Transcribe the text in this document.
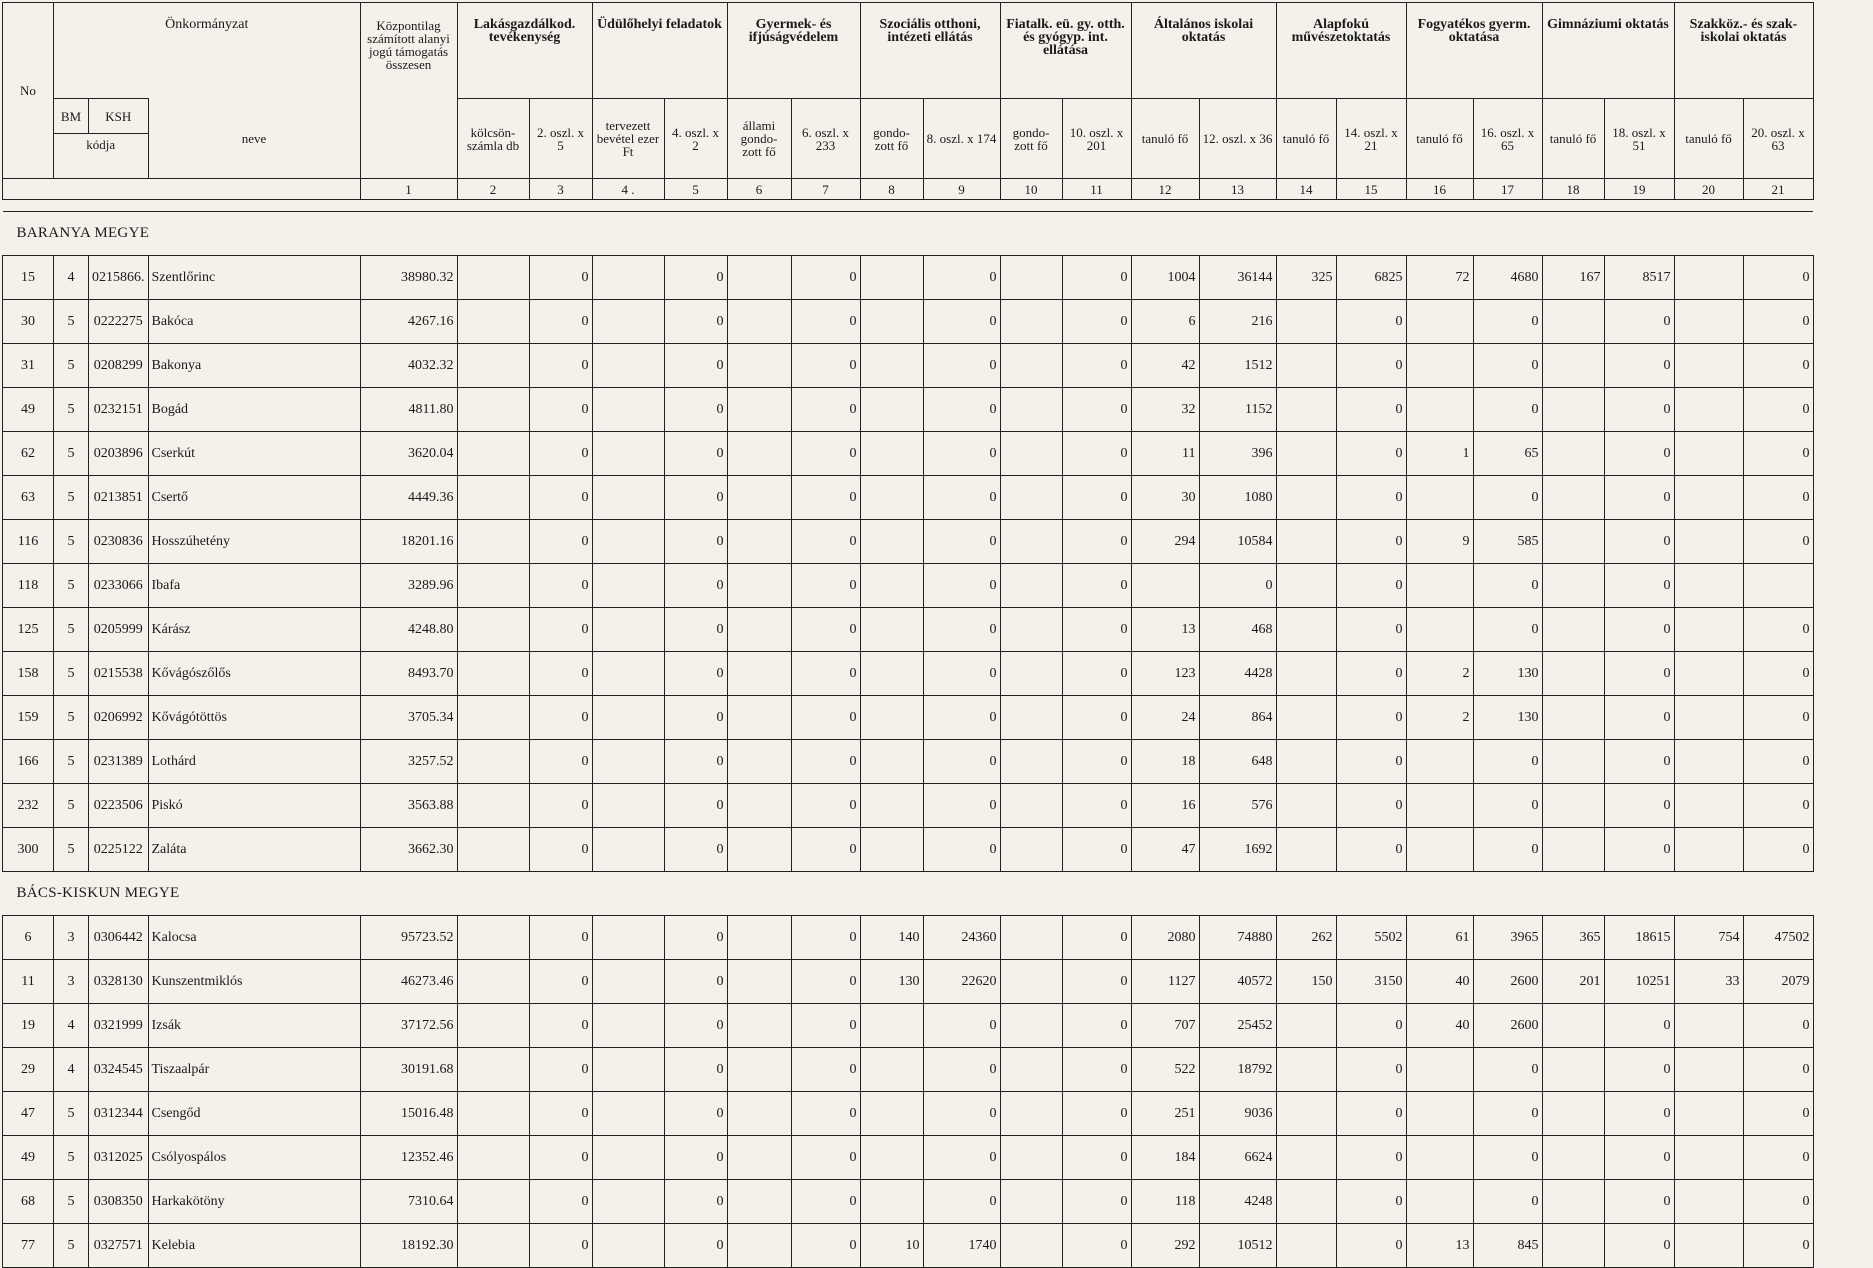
No	Önkormányzat			Központilag számított alanyi jogú támogatás összesen	Lakásgazdálkod. tevékenység		Üdülőhelyi feladatok		Gyermek- és ifjúságvédelem		Szociális otthoni, intézeti ellátás		Fiatalk. eü. gy. otth. és gyógyp. int. ellátása		Általános iskolai oktatás		Alapfokú művészetoktatás		Fogyatékos gyerm. oktatása		Gimnáziumi oktatás		Szakköz.- és szak- iskolai oktatás	
	BM	KSH	neve		kölcsön- számla db	2. oszl. x 5	tervezett bevétel ezer Ft	4. oszl. x 2	állami gondo- zott fő	6. oszl. x 233	gondo- zott fő	8. oszl. x 174	gondo- zott fő	10. oszl. x 201	tanuló fő	12. oszl. x 36	tanuló fő	14. oszl. x 21	tanuló fő	16. oszl. x 65	tanuló fő	18. oszl. x 51	tanuló fő	20. oszl. x 63
	kódja																							
				1	2	3	4 .	5	6	7	8	9	10	11	12	13	14	15	16	17	18	19	20	21

BARANYA MEGYE																								
15	4	0215866.	Szentlőrinc	38980.32		0		0		0		0		0	1004	36144	325	6825	72	4680	167	8517		0
30	5	0222275	Bakóca	4267.16		0		0		0		0		0	6	216		0		0		0		0
31	5	0208299	Bakonya	4032.32		0		0		0		0		0	42	1512		0		0		0		0
49	5	0232151	Bogád	4811.80		0		0		0		0		0	32	1152		0		0		0		0
62	5	0203896	Cserkút	3620.04		0		0		0		0		0	11	396		0	1	65		0		0
63	5	0213851	Csertő	4449.36		0		0		0		0		0	30	1080		0		0		0		0
116	5	0230836	Hosszúhetény	18201.16		0		0		0		0		0	294	10584		0	9	585		0		0
118	5	0233066	Ibafa	3289.96		0		0		0		0		0		0		0		0		0		
125	5	0205999	Kárász	4248.80		0		0		0		0		0	13	468		0		0		0		0
158	5	0215538	Kővágószőlős	8493.70		0		0		0		0		0	123	4428		0	2	130		0		0
159	5	0206992	Kővágótöttös	3705.34		0		0		0		0		0	24	864		0	2	130		0		0
166	5	0231389	Lothárd	3257.52		0		0		0		0		0	18	648		0		0		0		0
232	5	0223506	Piskó	3563.88		0		0		0		0		0	16	576		0		0		0		0
300	5	0225122	Zaláta	3662.30		0		0		0		0		0	47	1692		0		0		0		0
BÁCS-KISKUN MEGYE																								
6	3	0306442	Kalocsa	95723.52		0		0		0	140	24360		0	2080	74880	262	5502	61	3965	365	18615	754	47502
11	3	0328130	Kunszentmiklós	46273.46		0		0		0	130	22620		0	1127	40572	150	3150	40	2600	201	10251	33	2079
19	4	0321999	Izsák	37172.56		0		0		0		0		0	707	25452		0	40	2600		0		0
29	4	0324545	Tiszaalpár	30191.68		0		0		0		0		0	522	18792		0		0		0		0
47	5	0312344	Csengőd	15016.48		0		0		0		0		0	251	9036		0		0		0		0
49	5	0312025	Csólyospálos	12352.46		0		0		0		0		0	184	6624		0		0		0		0
68	5	0308350	Harkakötöny	7310.64		0		0		0		0		0	118	4248		0		0		0		0
77	5	0327571	Kelebia	18192.30		0		0		0	10	1740		0	292	10512		0	13	845		0		0
